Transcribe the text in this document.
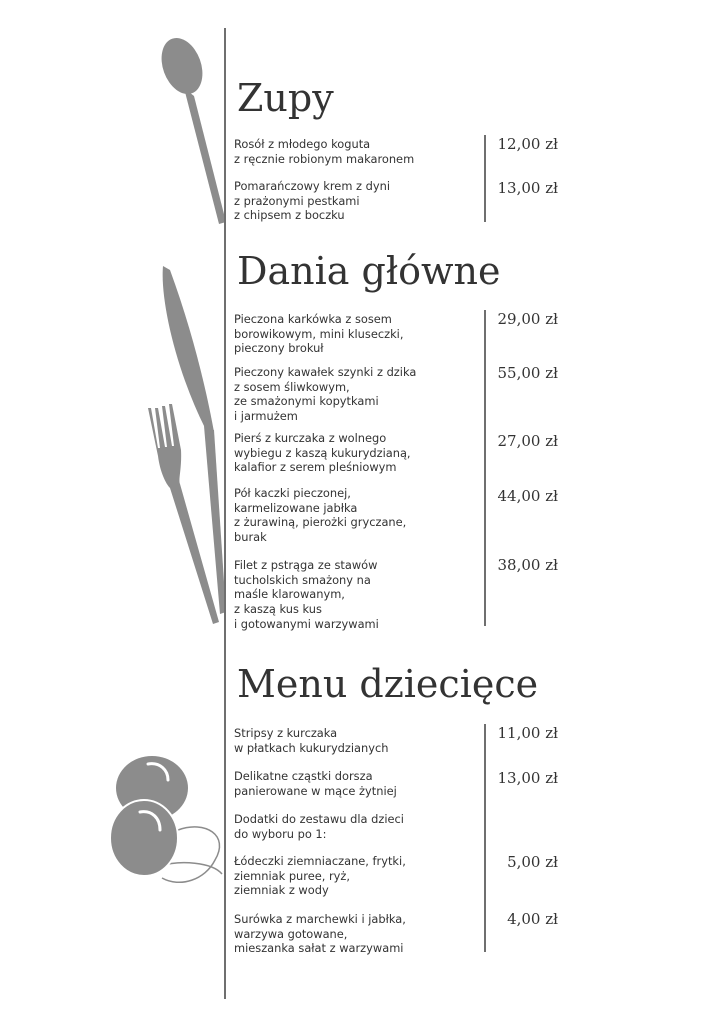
Zupy
Rosół z młodego koguta
z ręcznie robionym makaronem
12,00 zł
Pomarańczowy krem z dyni
z prażonymi pestkami
z chipsem z boczku
13,00 zł
Dania główne
Pieczona karkówka z sosem
borowikowym, mini kluseczki,
pieczony brokuł
29,00 zł
Pieczony kawałek szynki z dzika
z sosem śliwkowym,
ze smażonymi kopytkami
i jarmużem
55,00 zł
Pierś z kurczaka z wolnego
wybiegu z kaszą kukurydzianą,
kalafior z serem pleśniowym
27,00 zł
Pół kaczki pieczonej,
karmelizowane jabłka
z żurawiną, pierożki gryczane,
burak
44,00 zł
Filet z pstrąga ze stawów
tucholskich smażony na
maśle klarowanym,
z kaszą kus kus
i gotowanymi warzywami
38,00 zł
Menu dziecięce
Stripsy z kurczaka
w płatkach kukurydzianych
11,00 zł
Delikatne cząstki dorsza
panierowane w mące żytniej
13,00 zł
Dodatki do zestawu dla dzieci
do wyboru po 1:
Łódeczki ziemniaczane, frytki,
ziemniak puree, ryż,
ziemniak z wody
5,00 zł
Surówka z marchewki i jabłka,
warzywa gotowane,
mieszanka sałat z warzywami
4,00 zł
